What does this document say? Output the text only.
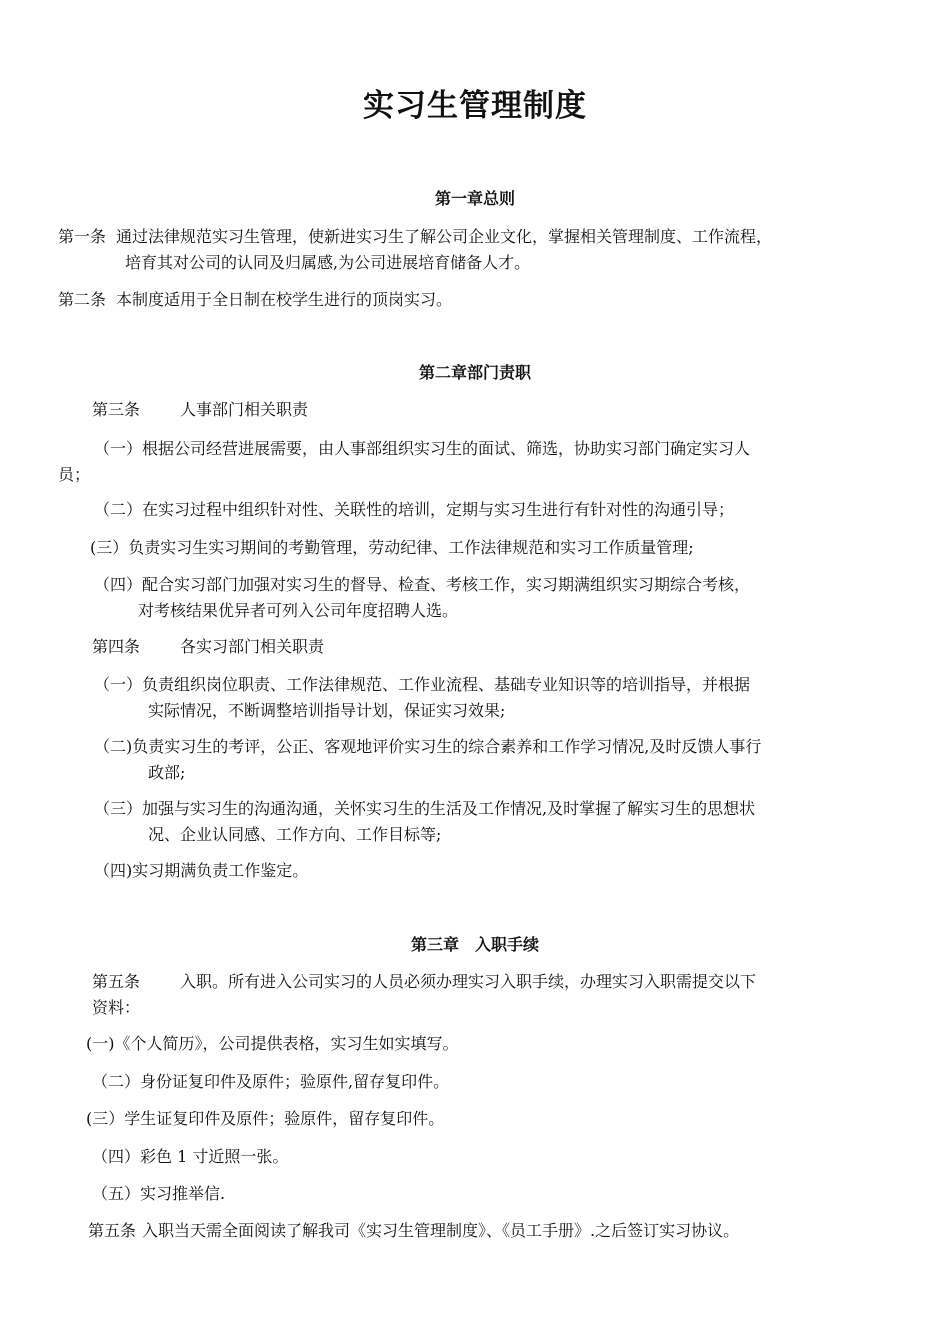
实习生管理制度
第一章总则
第一条 通过法律规范实习生管理，使新进实习生了解公司企业文化，掌握相关管理制度、工作流程，
培育其对公司的认同及归属感,为公司进展培育储备人才。
第二条 本制度适用于全日制在校学生进行的顶岗实习。
第二章部门责职
第三条	人事部门相关职责
（一）根据公司经营进展需要，由人事部组织实习生的面试、筛选，协助实习部门确定实习人
员；
（二）在实习过程中组织针对性、关联性的培训，定期与实习生进行有针对性的沟通引导；
(三）负责实习生实习期间的考勤管理，劳动纪律、工作法律规范和实习工作质量管理;
（四）配合实习部门加强对实习生的督导、检查、考核工作，实习期满组织实习期综合考核，
对考核结果优异者可列入公司年度招聘人选。
第四条	各实习部门相关职责
（一）负责组织岗位职责、工作法律规范、工作业流程、基础专业知识等的培训指导，并根据
实际情况，不断调整培训指导计划，保证实习效果;
（二)负责实习生的考评，公正、客观地评价实习生的综合素养和工作学习情况,及时反馈人事行
政部;
（三）加强与实习生的沟通沟通，关怀实习生的生活及工作情况,及时掌握了解实习生的思想状
况、企业认同感、工作方向、工作目标等;
（四)实习期满负责工作鉴定。
第三章　入职手续
第五条	入职。所有进入公司实习的人员必须办理实习入职手续，办理实习入职需提交以下
资料：
(一)《个人简历》，公司提供表格，实习生如实填写。
（二）身份证复印件及原件；验原件,留存复印件。
(三）学生证复印件及原件；验原件，留存复印件。
（四）彩色 1 寸近照一张。
（五）实习推举信.
第五条 入职当天需全面阅读了解我司《实习生管理制度》、《员工手册》.之后签订实习协议。
